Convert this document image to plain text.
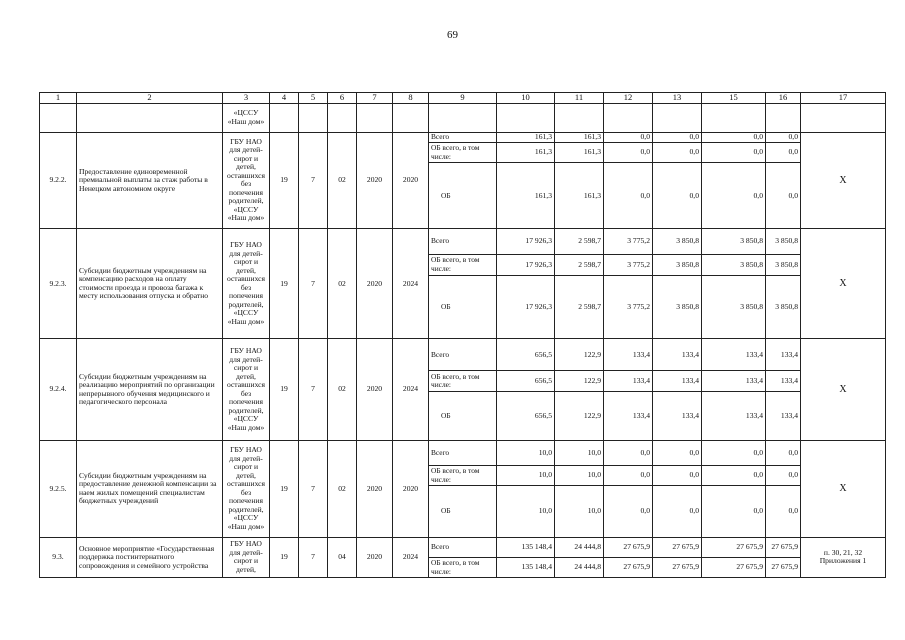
69
1	2	3	4	5	6	7	8	9	10	11	12	13	15	16	17
		«ЦССУ «Наш дом»													
9.2.2.	Предоставление единовременной премиальной выплаты за стаж работы в Ненецком автономном округе	ГБУ НАО для детей-сирот и детей, оставшихся без попечения родителей, «ЦССУ «Наш дом»	19	7	02	2020	2020	Всего	161,3	161,3	0,0	0,0	0,0	0,0	Х
								ОБ всего, в том числе:	161,3	161,3	0,0	0,0	0,0	0,0	
								ОБ	161,3	161,3	0,0	0,0	0,0	0,0	
9.2.3.	Субсидии бюджетным учреждениям на компенсацию расходов на оплату стоимости проезда и провоза багажа к месту использования отпуска и обратно	ГБУ НАО для детей-сирот и детей, оставшихся без попечения родителей, «ЦССУ «Наш дом»	19	7	02	2020	2024	Всего	17 926,3	2 598,7	3 775,2	3 850,8	3 850,8	3 850,8	Х
								ОБ всего, в том числе:	17 926,3	2 598,7	3 775,2	3 850,8	3 850,8	3 850,8	
								ОБ	17 926,3	2 598,7	3 775,2	3 850,8	3 850,8	3 850,8	
9.2.4.	Субсидии бюджетным учреждениям на реализацию мероприятий по организации непрерывного обучения медицинского и педагогического персонала	ГБУ НАО для детей-сирот и детей, оставшихся без попечения родителей, «ЦССУ «Наш дом»	19	7	02	2020	2024	Всего	656,5	122,9	133,4	133,4	133,4	133,4	Х
								ОБ всего, в том числе:	656,5	122,9	133,4	133,4	133,4	133,4	
								ОБ	656,5	122,9	133,4	133,4	133,4	133,4	
9.2.5.	Субсидии бюджетным учреждениям на предоставление денежной компенсации за наем жилых помещений специалистам бюджетных учреждений	ГБУ НАО для детей-сирот и детей, оставшихся без попечения родителей, «ЦССУ «Наш дом»	19	7	02	2020	2020	Всего	10,0	10,0	0,0	0,0	0,0	0,0	Х
								ОБ всего, в том числе:	10,0	10,0	0,0	0,0	0,0	0,0	
								ОБ	10,0	10,0	0,0	0,0	0,0	0,0	
9.3.	Основное мероприятие «Государственная поддержка постинтернатного сопровождения и семейного устройства	ГБУ НАО для детей-сирот и детей,	19	7	04	2020	2024	Всего	135 148,4	24 444,8	27 675,9	27 675,9	27 675,9	27 675,9	п. 30, 21, 32 Приложения 1
								ОБ всего, в том числе:	135 148,4	24 444,8	27 675,9	27 675,9	27 675,9	27 675,9	
